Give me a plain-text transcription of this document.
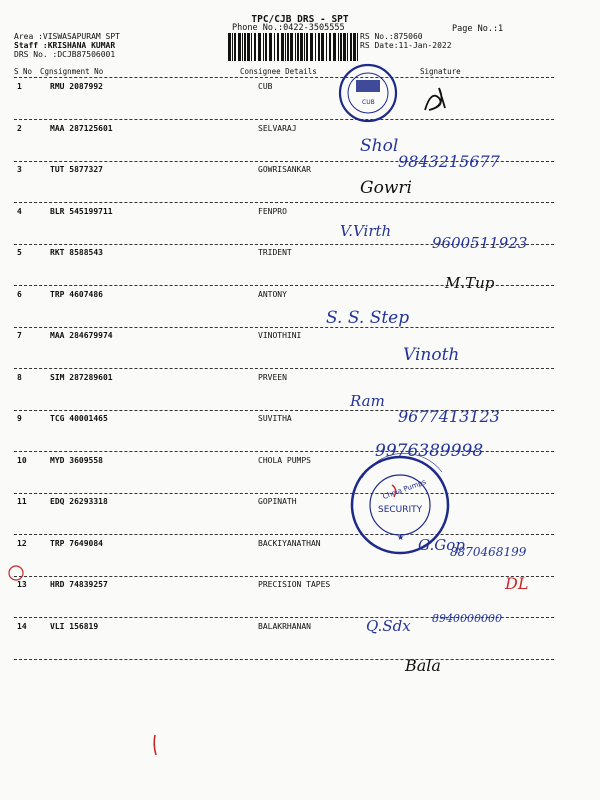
TPC/CJB DRS - SPT
Phone No.:0422-3505555	Page No.:1
Area :VISWASAPURAM SPT
Staff :KRISHANA KUMAR
DRS No. :DCJB87506001
RS No.:875060
RS Date:11-Jan-2022
S No Cgnsignment No	Consignee Details	Signature
1	RMU 2087992	CUB
2	MAA 287125601	SELVARAJ
3	TUT 5877327	GOWRISANKAR
4	BLR 545199711	FENPRO
5	RKT 8588543	TRIDENT
6	TRP 4607486	ANTONY
7	MAA 284679974	VINOTHINI
8	SIM 287289601	PRVEEN
9	TCG 40001465	SUVITHA
10	MYD 3609558	CHOLA PUMPS
11	EDQ 26293318	GOPINATH
12	TRP 7649084	BACKIYANATHAN
13	HRD 74839257	PRECISION TAPES
14	VLI 156819	BALAKRHANAN
CUB
SECURITY
Chola Pumps
★
Shol
9843215677
Gowri
V.Virth
9600511923
M.Tup
S. S. Step
Vinoth
Ram
9677413123
9976389998
G.Gop
8870468199
DL
Q.Sdx 8940000000
Bala
